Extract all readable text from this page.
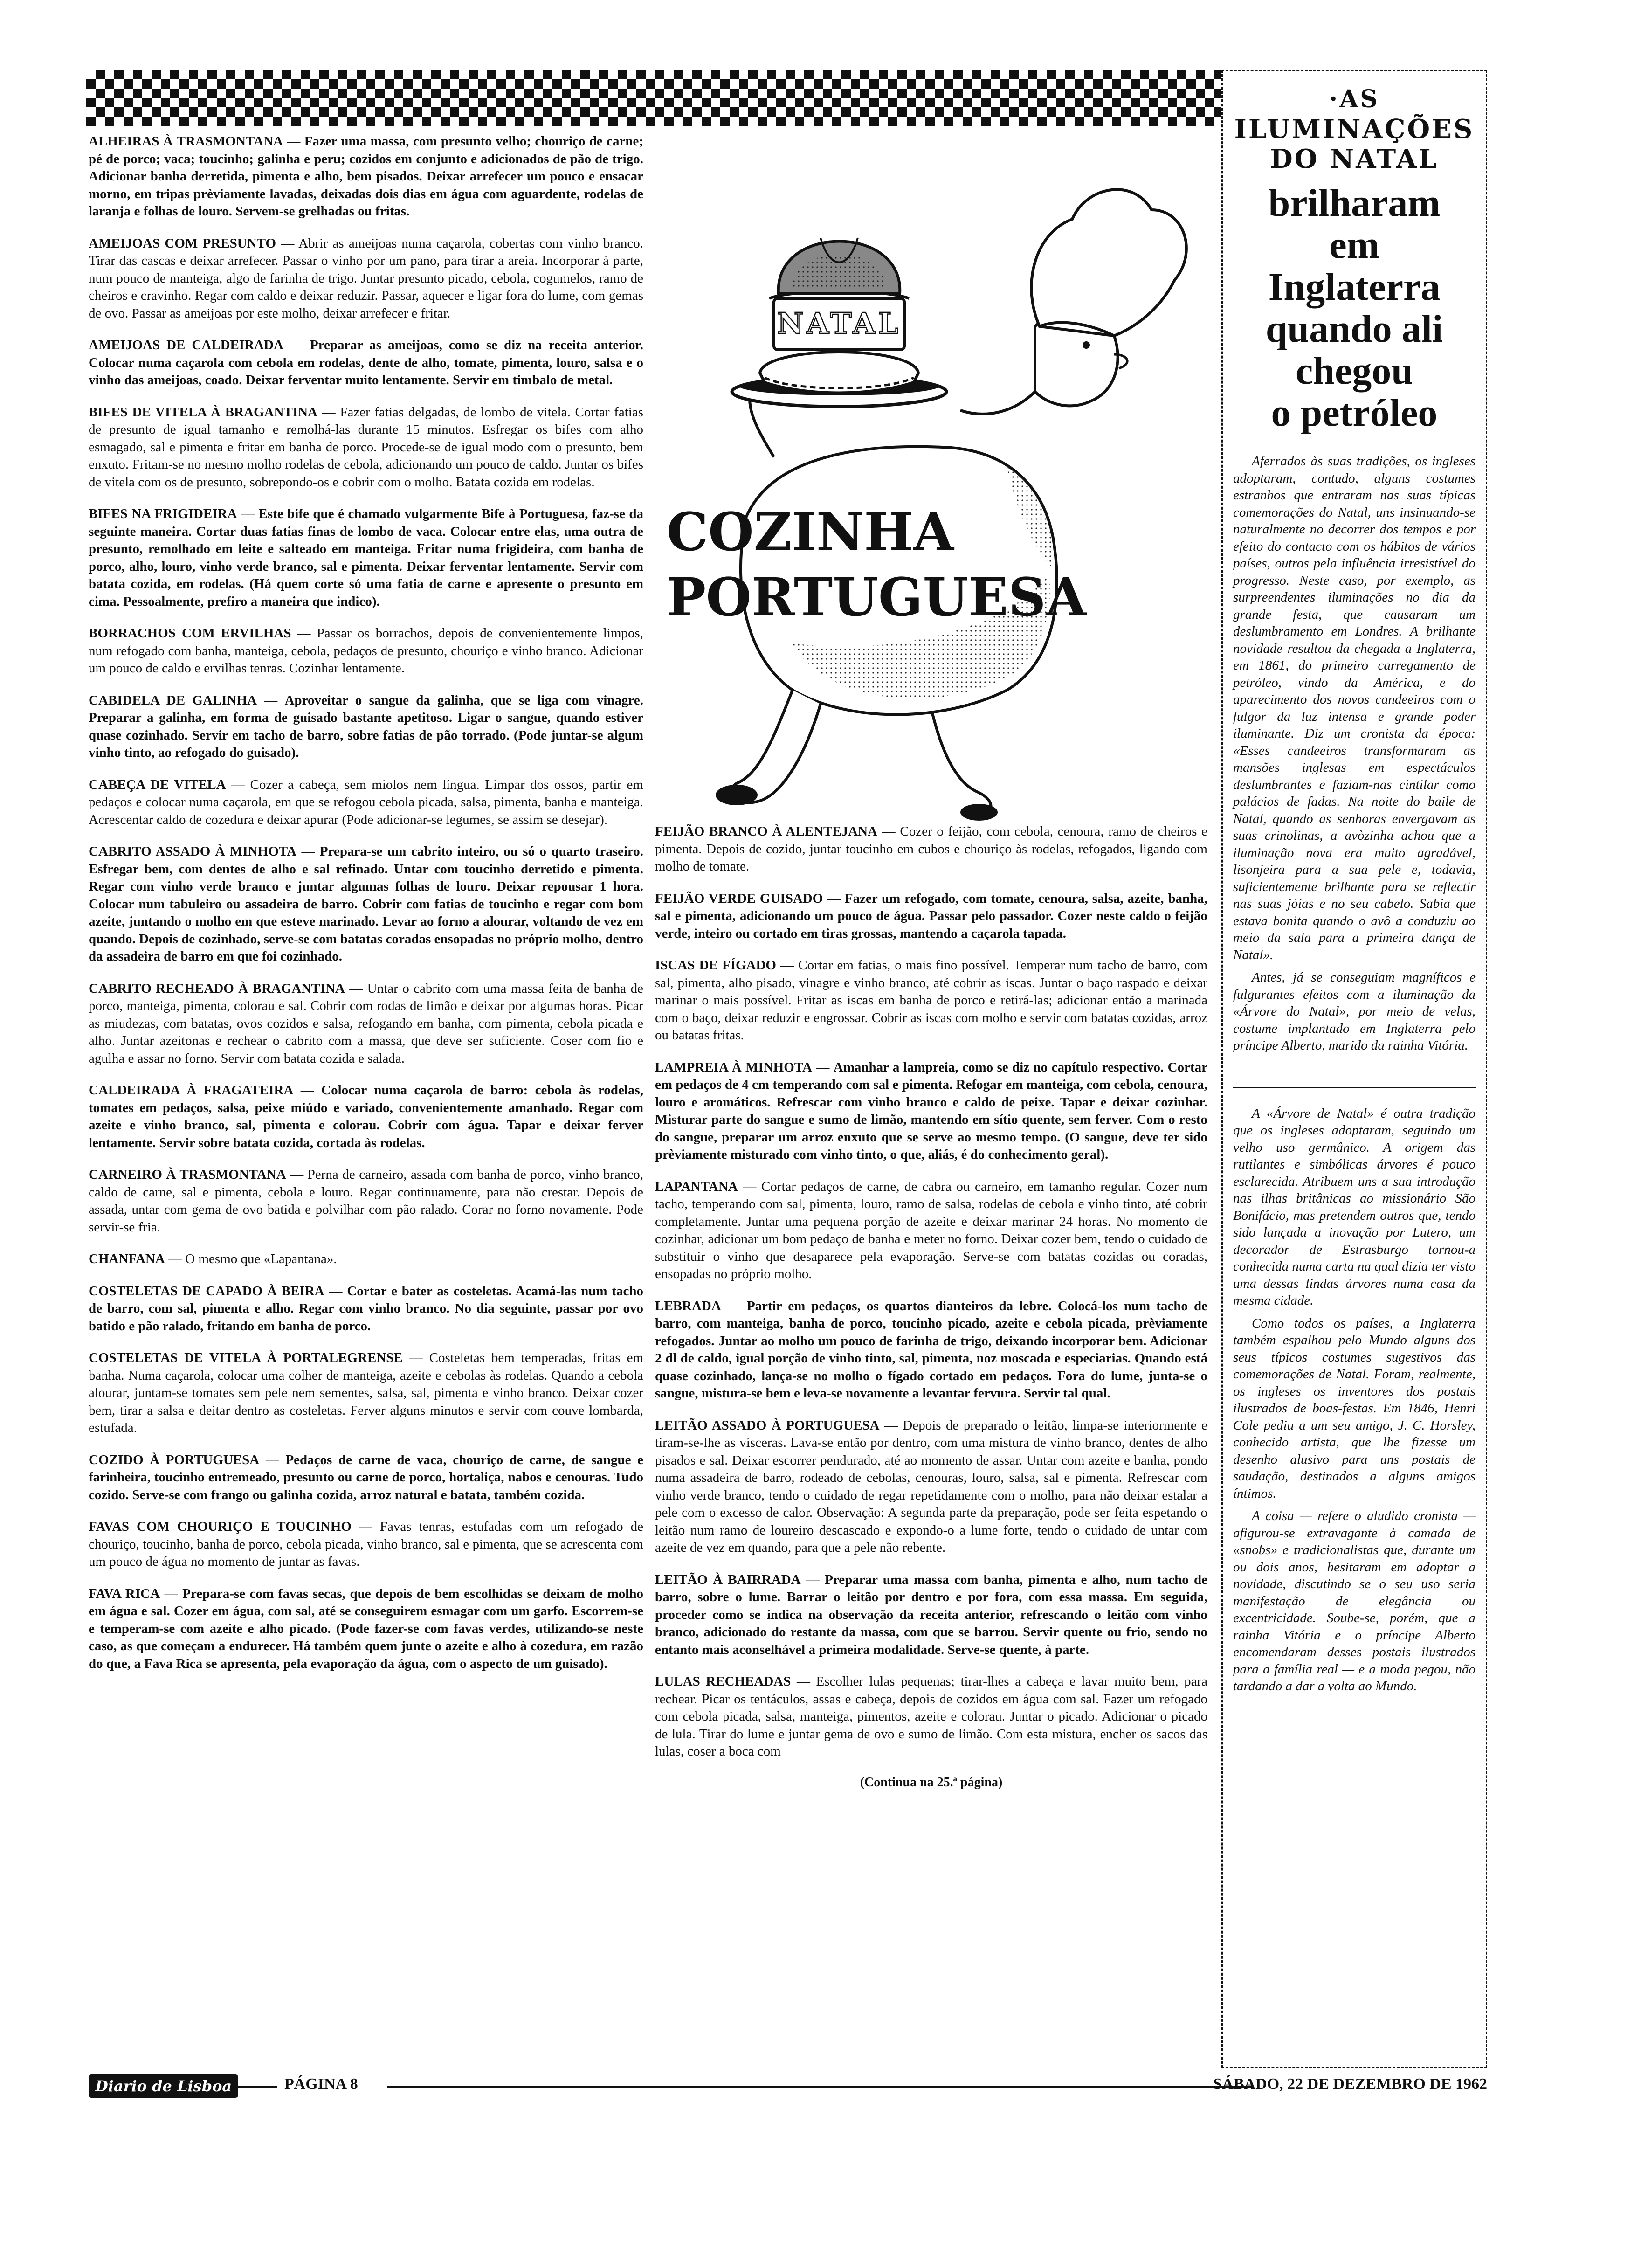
ALHEIRAS À TRASMONTANA — Fazer uma massa, com presunto velho; chouriço de carne; pé de porco; vaca; toucinho; galinha e peru; cozidos em conjunto e adicionados de pão de trigo. Adicionar banha derretida, pimenta e alho, bem pisados. Deixar arrefecer um pouco e ensacar morno, em tripas prèviamente lavadas, deixadas dois dias em água com aguardente, rodelas de laranja e folhas de louro. Servem-se grelhadas ou fritas.

AMEIJOAS COM PRESUNTO — Abrir as ameijoas numa caçarola, cobertas com vinho branco. Tirar das cascas e deixar arrefecer. Passar o vinho por um pano, para tirar a areia. Incorporar à parte, num pouco de manteiga, algo de farinha de trigo. Juntar presunto picado, cebola, cogumelos, ramo de cheiros e cravinho. Regar com caldo e deixar reduzir. Passar, aquecer e ligar fora do lume, com gemas de ovo. Passar as ameijoas por este molho, deixar arrefecer e fritar.

AMEIJOAS DE CALDEIRADA — Preparar as ameijoas, como se diz na receita anterior. Colocar numa caçarola com cebola em rodelas, dente de alho, tomate, pimenta, louro, salsa e o vinho das ameijoas, coado. Deixar ferventar muito lentamente. Servir em timbalo de metal.

BIFES DE VITELA À BRAGANTINA — Fazer fatias delgadas, de lombo de vitela. Cortar fatias de presunto de igual tamanho e remolhá-las durante 15 minutos. Esfregar os bifes com alho esmagado, sal e pimenta e fritar em banha de porco. Procede-se de igual modo com o presunto, bem enxuto. Fritam-se no mesmo molho rodelas de cebola, adicionando um pouco de caldo. Juntar os bifes de vitela com os de presunto, sobrepondo-os e cobrir com o molho. Batata cozida em rodelas.

BIFES NA FRIGIDEIRA — Este bife que é chamado vulgarmente Bife à Portuguesa, faz-se da seguinte maneira. Cortar duas fatias finas de lombo de vaca. Colocar entre elas, uma outra de presunto, remolhado em leite e salteado em manteiga. Fritar numa frigideira, com banha de porco, alho, louro, vinho verde branco, sal e pimenta. Deixar ferventar lentamente. Servir com batata cozida, em rodelas. (Há quem corte só uma fatia de carne e apresente o presunto em cima. Pessoalmente, prefiro a maneira que indico).

BORRACHOS COM ERVILHAS — Passar os borrachos, depois de convenientemente limpos, num refogado com banha, manteiga, cebola, pedaços de presunto, chouriço e vinho branco. Adicionar um pouco de caldo e ervilhas tenras. Cozinhar lentamente.

CABIDELA DE GALINHA — Aproveitar o sangue da galinha, que se liga com vinagre. Preparar a galinha, em forma de guisado bastante apetitoso. Ligar o sangue, quando estiver quase cozinhado. Servir em tacho de barro, sobre fatias de pão torrado. (Pode juntar-se algum vinho tinto, ao refogado do guisado).

CABEÇA DE VITELA — Cozer a cabeça, sem miolos nem língua. Limpar dos ossos, partir em pedaços e colocar numa caçarola, em que se refogou cebola picada, salsa, pimenta, banha e manteiga. Acrescentar caldo de cozedura e deixar apurar (Pode adicionar-se legumes, se assim se desejar).

CABRITO ASSADO À MINHOTA — Prepara-se um cabrito inteiro, ou só o quarto traseiro. Esfregar bem, com dentes de alho e sal refinado. Untar com toucinho derretido e pimenta. Regar com vinho verde branco e juntar algumas folhas de louro. Deixar repousar 1 hora. Colocar num tabuleiro ou assadeira de barro. Cobrir com fatias de toucinho e regar com bom azeite, juntando o molho em que esteve marinado. Levar ao forno a alourar, voltando de vez em quando. Depois de cozinhado, serve-se com batatas coradas ensopadas no próprio molho, dentro da assadeira de barro em que foi cozinhado.

CABRITO RECHEADO À BRAGANTINA — Untar o cabrito com uma massa feita de banha de porco, manteiga, pimenta, colorau e sal. Cobrir com rodas de limão e deixar por algumas horas. Picar as miudezas, com batatas, ovos cozidos e salsa, refogando em banha, com pimenta, cebola picada e alho. Juntar azeitonas e rechear o cabrito com a massa, que deve ser suficiente. Coser com fio e agulha e assar no forno. Servir com batata cozida e salada.

CALDEIRADA À FRAGATEIRA — Colocar numa caçarola de barro: cebola às rodelas, tomates em pedaços, salsa, peixe miúdo e variado, convenientemente amanhado. Regar com azeite e vinho branco, sal, pimenta e colorau. Cobrir com água. Tapar e deixar ferver lentamente. Servir sobre batata cozida, cortada às rodelas.

CARNEIRO À TRASMONTANA — Perna de carneiro, assada com banha de porco, vinho branco, caldo de carne, sal e pimenta, cebola e louro. Regar continuamente, para não crestar. Depois de assada, untar com gema de ovo batida e polvilhar com pão ralado. Corar no forno novamente. Pode servir-se fria.

CHANFANA — O mesmo que «Lapantana».

COSTELETAS DE CAPADO À BEIRA — Cortar e bater as costeletas. Acamá-las num tacho de barro, com sal, pimenta e alho. Regar com vinho branco. No dia seguinte, passar por ovo batido e pão ralado, fritando em banha de porco.

COSTELETAS DE VITELA À PORTALEGRENSE — Costeletas bem temperadas, fritas em banha. Numa caçarola, colocar uma colher de manteiga, azeite e cebolas às rodelas. Quando a cebola alourar, juntam-se tomates sem pele nem sementes, salsa, sal, pimenta e vinho branco. Deixar cozer bem, tirar a salsa e deitar dentro as costeletas. Ferver alguns minutos e servir com couve lombarda, estufada.

COZIDO À PORTUGUESA — Pedaços de carne de vaca, chouriço de carne, de sangue e farinheira, toucinho entremeado, presunto ou carne de porco, hortaliça, nabos e cenouras. Tudo cozido. Serve-se com frango ou galinha cozida, arroz natural e batata, também cozida.

FAVAS COM CHOURIÇO E TOUCINHO — Favas tenras, estufadas com um refogado de chouriço, toucinho, banha de porco, cebola picada, vinho branco, sal e pimenta, que se acrescenta com um pouco de água no momento de juntar as favas.

FAVA RICA — Prepara-se com favas secas, que depois de bem escolhidas se deixam de molho em água e sal. Cozer em água, com sal, até se conseguirem esmagar com um garfo. Escorrem-se e temperam-se com azeite e alho picado. (Pode fazer-se com favas verdes, utilizando-se neste caso, as que começam a endurecer. Há também quem junte o azeite e alho à cozedura, em razão do que, a Fava Rica se apresenta, pela evaporação da água, com o aspecto de um guisado).

NATAL
COZINHA
PORTUGUESA

FEIJÃO BRANCO À ALENTEJANA — Cozer o feijão, com cebola, cenoura, ramo de cheiros e pimenta. Depois de cozido, juntar toucinho em cubos e chouriço às rodelas, refogados, ligando com molho de tomate.

FEIJÃO VERDE GUISADO — Fazer um refogado, com tomate, cenoura, salsa, azeite, banha, sal e pimenta, adicionando um pouco de água. Passar pelo passador. Cozer neste caldo o feijão verde, inteiro ou cortado em tiras grossas, mantendo a caçarola tapada.

ISCAS DE FÍGADO — Cortar em fatias, o mais fino possível. Temperar num tacho de barro, com sal, pimenta, alho pisado, vinagre e vinho branco, até cobrir as iscas. Juntar o baço raspado e deixar marinar o mais possível. Fritar as iscas em banha de porco e retirá-las; adicionar então a marinada com o baço, deixar reduzir e engrossar. Cobrir as iscas com molho e servir com batatas cozidas, arroz ou batatas fritas.

LAMPREIA À MINHOTA — Amanhar a lampreia, como se diz no capítulo respectivo. Cortar em pedaços de 4 cm temperando com sal e pimenta. Refogar em manteiga, com cebola, cenoura, louro e aromáticos. Refrescar com vinho branco e caldo de peixe. Tapar e deixar cozinhar. Misturar parte do sangue e sumo de limão, mantendo em sítio quente, sem ferver. Com o resto do sangue, preparar um arroz enxuto que se serve ao mesmo tempo. (O sangue, deve ter sido prèviamente misturado com vinho tinto, o que, aliás, é do conhecimento geral).

LAPANTANA — Cortar pedaços de carne, de cabra ou carneiro, em tamanho regular. Cozer num tacho, temperando com sal, pimenta, louro, ramo de salsa, rodelas de cebola e vinho tinto, até cobrir completamente. Juntar uma pequena porção de azeite e deixar marinar 24 horas. No momento de cozinhar, adicionar um bom pedaço de banha e meter no forno. Deixar cozer bem, tendo o cuidado de substituir o vinho que desaparece pela evaporação. Serve-se com batatas cozidas ou coradas, ensopadas no próprio molho.

LEBRADA — Partir em pedaços, os quartos dianteiros da lebre. Colocá-los num tacho de barro, com manteiga, banha de porco, toucinho picado, azeite e cebola picada, prèviamente refogados. Juntar ao molho um pouco de farinha de trigo, deixando incorporar bem. Adicionar 2 dl de caldo, igual porção de vinho tinto, sal, pimenta, noz moscada e especiarias. Quando está quase cozinhado, lança-se no molho o fígado cortado em pedaços. Fora do lume, junta-se o sangue, mistura-se bem e leva-se novamente a levantar fervura. Servir tal qual.

LEITÃO ASSADO À PORTUGUESA — Depois de preparado o leitão, limpa-se interiormente e tiram-se-lhe as vísceras. Lava-se então por dentro, com uma mistura de vinho branco, dentes de alho pisados e sal. Deixar escorrer pendurado, até ao momento de assar. Untar com azeite e banha, pondo numa assadeira de barro, rodeado de cebolas, cenouras, louro, salsa, sal e pimenta. Refrescar com vinho verde branco, tendo o cuidado de regar repetidamente com o molho, para não deixar estalar a pele com o excesso de calor. Observação: A segunda parte da preparação, pode ser feita espetando o leitão num ramo de loureiro descascado e expondo-o a lume forte, tendo o cuidado de untar com azeite de vez em quando, para que a pele não rebente.

LEITÃO À BAIRRADA — Preparar uma massa com banha, pimenta e alho, num tacho de barro, sobre o lume. Barrar o leitão por dentro e por fora, com essa massa. Em seguida, proceder como se indica na observação da receita anterior, refrescando o leitão com vinho branco, adicionado do restante da massa, com que se barrou. Servir quente ou frio, sendo no entanto mais aconselhável a primeira modalidade. Serve-se quente, à parte.

LULAS RECHEADAS — Escolher lulas pequenas; tirar-lhes a cabeça e lavar muito bem, para rechear. Picar os tentáculos, assas e cabeça, depois de cozidos em água com sal. Fazer um refogado com cebola picada, salsa, manteiga, pimentos, azeite e colorau. Juntar o picado. Adicionar o picado de lula. Tirar do lume e juntar gema de ovo e sumo de limão. Com esta mistura, encher os sacos das lulas, coser a boca com

(Continua na 25.ª página)
·AS
ILUMINAÇÕES
DO NATAL
brilharam
em
Inglaterra
quando ali
chegou
o petróleo

Aferrados às suas tradições, os ingleses adoptaram, contudo, alguns costumes estranhos que entraram nas suas típicas comemorações do Natal, uns insinuando-se naturalmente no decorrer dos tempos e por efeito do contacto com os hábitos de vários países, outros pela influência irresistível do progresso. Neste caso, por exemplo, as surpreendentes iluminações no dia da grande festa, que causaram um deslumbramento em Londres. A brilhante novidade resultou da chegada a Inglaterra, em 1861, do primeiro carregamento de petróleo, vindo da América, e do aparecimento dos novos candeeiros com o fulgor da luz intensa e grande poder iluminante. Diz um cronista da época: «Esses candeeiros transformaram as mansões inglesas em espectáculos deslumbrantes e faziam-nas cintilar como palácios de fadas. Na noite do baile de Natal, quando as senhoras envergavam as suas crinolinas, a avòzinha achou que a iluminação nova era muito agradável, lisonjeira para a sua pele e, todavia, suficientemente brilhante para se reflectir nas suas jóias e no seu cabelo. Sabia que estava bonita quando o avô a conduziu ao meio da sala para a primeira dança de Natal».

Antes, já se conseguiam magníficos e fulgurantes efeitos com a iluminação da «Árvore do Natal», por meio de velas, costume implantado em Inglaterra pelo príncipe Alberto, marido da rainha Vitória.

A «Árvore de Natal» é outra tradição que os ingleses adoptaram, seguindo um velho uso germânico. A origem das rutilantes e simbólicas árvores é pouco esclarecida. Atribuem uns a sua introdução nas ilhas britânicas ao missionário São Bonifácio, mas pretendem outros que, tendo sido lançada a inovação por Lutero, um decorador de Estrasburgo tornou-a conhecida numa carta na qual dizia ter visto uma dessas lindas árvores numa casa da mesma cidade.

Como todos os países, a Inglaterra também espalhou pelo Mundo alguns dos seus típicos costumes sugestivos das comemorações de Natal. Foram, realmente, os ingleses os inventores dos postais ilustrados de boas-festas. Em 1846, Henri Cole pediu a um seu amigo, J. C. Horsley, conhecido artista, que lhe fizesse um desenho alusivo para uns postais de saudação, destinados a alguns amigos íntimos.

A coisa — refere o aludido cronista — afigurou-se extravagante à camada de «snobs» e tradicionalistas que, durante um ou dois anos, hesitaram em adoptar a novidade, discutindo se o seu uso seria manifestação de elegância ou excentricidade. Soube-se, porém, que a rainha Vitória e o príncipe Alberto encomendaram desses postais ilustrados para a família real — e a moda pegou, não tardando a dar a volta ao Mundo.

Diario de Lisboa	PÁGINA 8	SÁBADO, 22 DE DEZEMBRO DE 1962
